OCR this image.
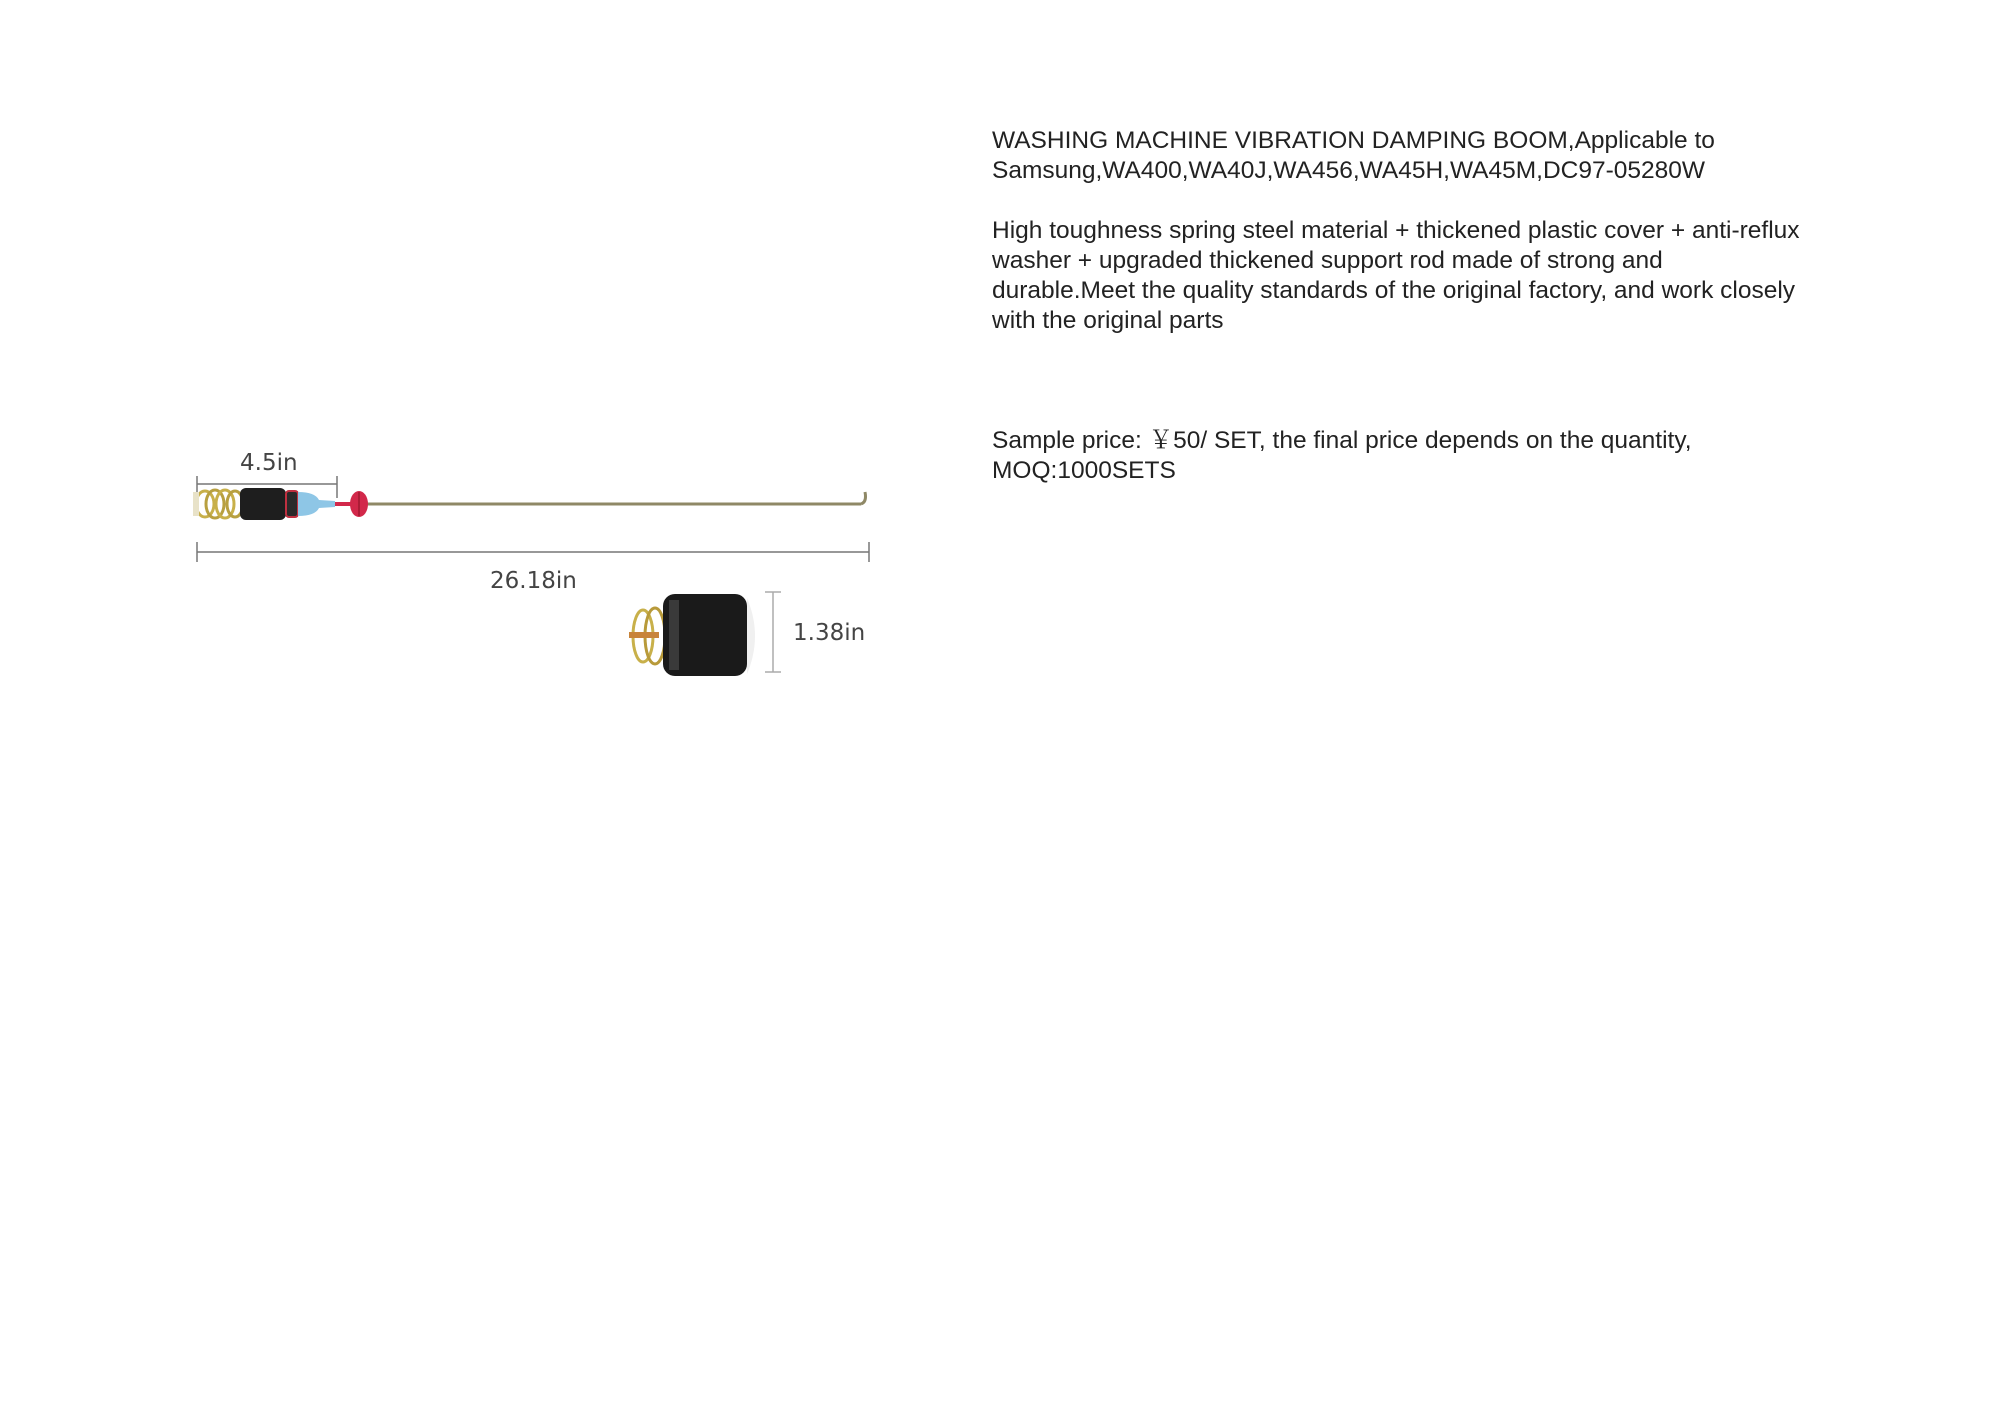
4.5in
26.18in
1.38in

WASHING MACHINE VIBRATION DAMPING BOOM,Applicable to
Samsung,WA400,WA40J,WA456,WA45H,WA45M,DC97-05280W

High toughness spring steel material + thickened plastic cover + anti-reflux
washer + upgraded thickened support rod made of strong and
durable.Meet the quality standards of the original factory, and work closely
with the original parts

Sample price: ￥50/ SET, the final price depends on the quantity,
MOQ:1000SETS
